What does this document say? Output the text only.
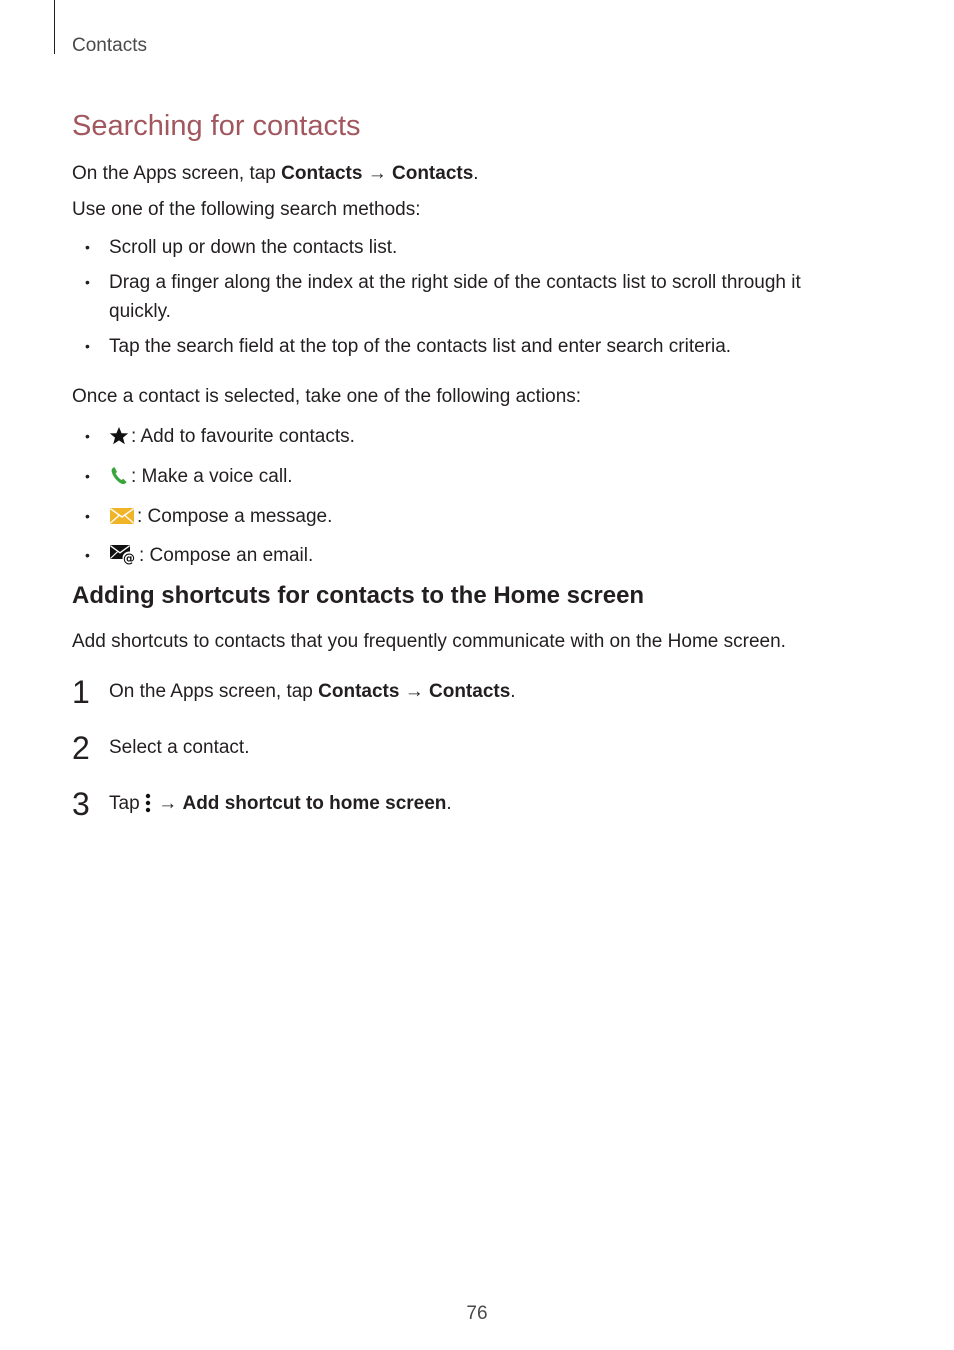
Contacts
Searching for contacts

On the Apps screen, tap Contacts → Contacts.

Use one of the following search methods:

• Scroll up or down the contacts list.
• Drag a finger along the index at the right side of the contacts list to scroll through it
quickly.
• Tap the search field at the top of the contacts list and enter search criteria.

Once a contact is selected, take one of the following actions:

• : Add to favourite contacts.
• : Make a voice call.
• : Compose a message.
•	@ : Compose an email.
Adding shortcuts for contacts to the Home screen

Add shortcuts to contacts that you frequently communicate with on the Home screen.

1 On the Apps screen, tap Contacts → Contacts.
2 Select a contact.
3 Tap  → Add shortcut to home screen.
76
